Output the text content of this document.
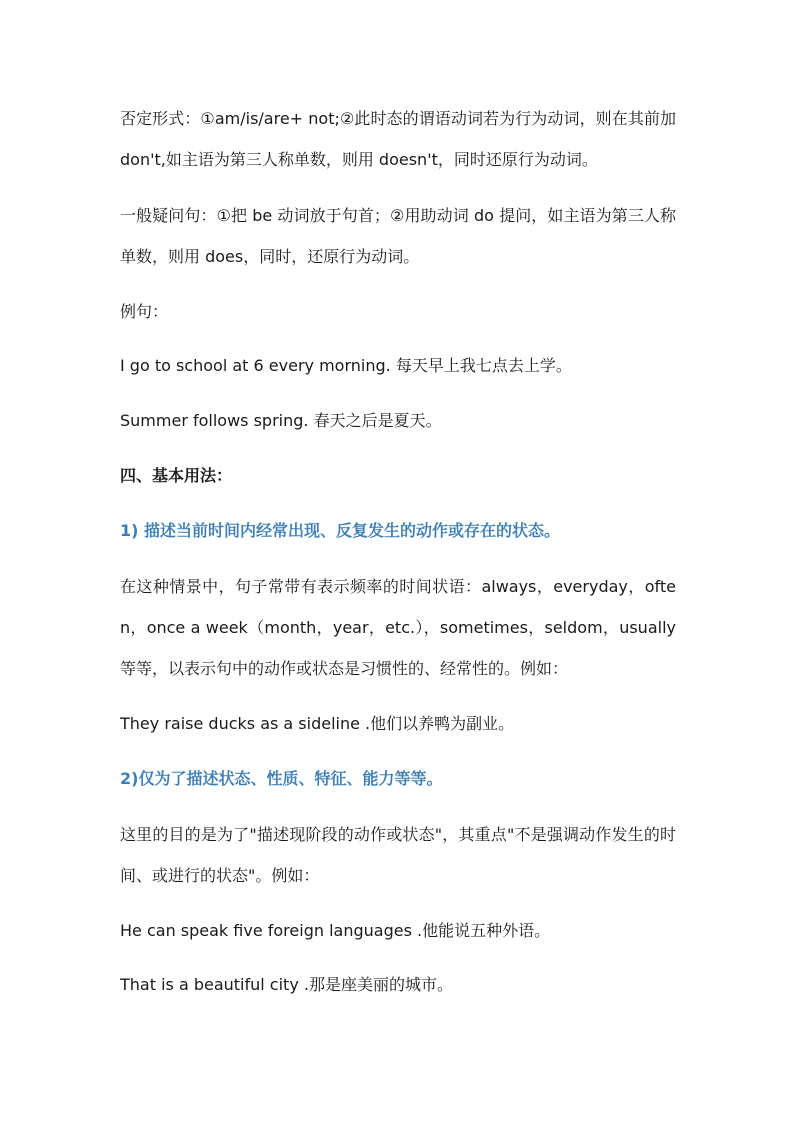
否定形式：①am/is/are+ not;②此时态的谓语动词若为行为动词，则在其前加 don't,如主语为第三人称单数，则用 doesn't，同时还原行为动词。

一般疑问句：①把 be 动词放于句首；②用助动词 do 提问，如主语为第三人称单数，则用 does，同时，还原行为动词。

例句：

I go to school at 6 every morning. 每天早上我七点去上学。

Summer follows spring. 春天之后是夏天。

四、基本用法：

1) 描述当前时间内经常出现、反复发生的动作或存在的状态。

在这种情景中，句子常带有表示频率的时间状语：always，everyday，often，once a week（month，year，etc.），sometimes，seldom，usually 等等，以表示句中的动作或状态是习惯性的、经常性的。例如：

They raise ducks as a sideline .他们以养鸭为副业。

2)仅为了描述状态、性质、特征、能力等等。

这里的目的是为了"描述现阶段的动作或状态"，其重点"不是强调动作发生的时间、或进行的状态"。例如：

He can speak five foreign languages .他能说五种外语。

That is a beautiful city .那是座美丽的城市。
